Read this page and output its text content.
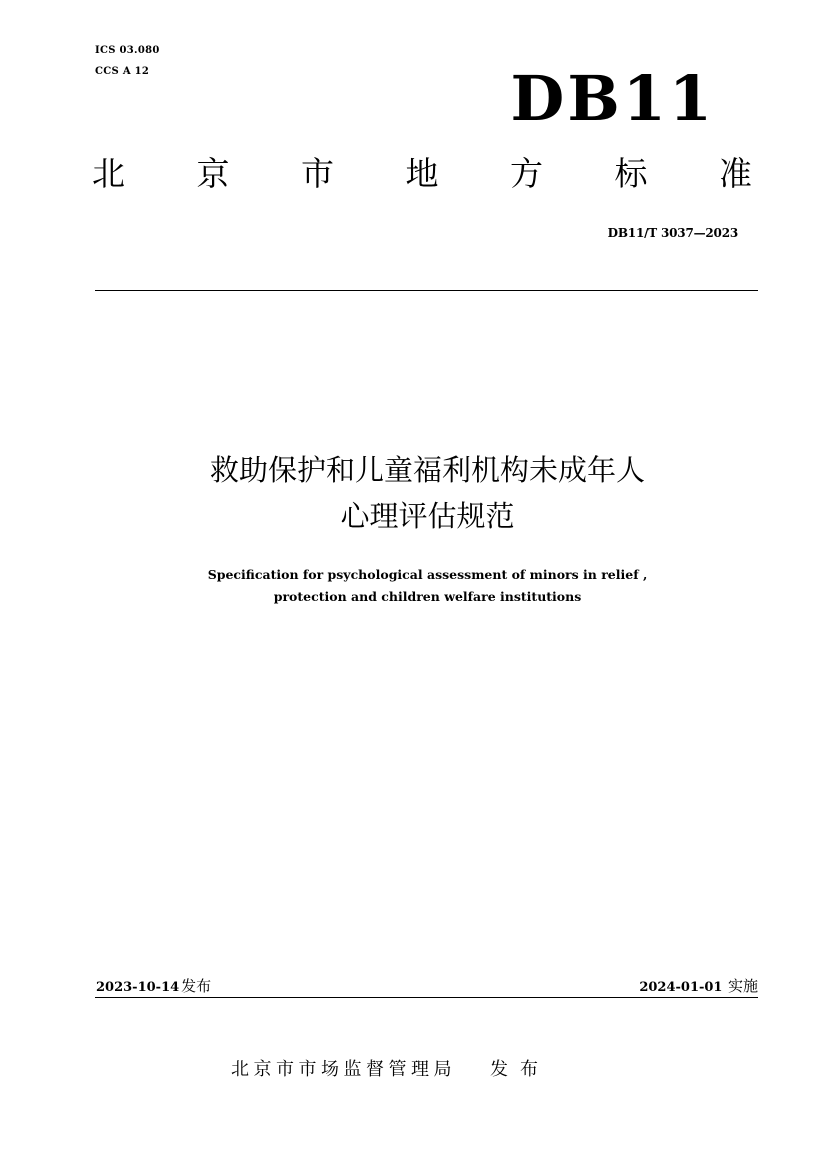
ICS 03.080
CCS A 12	DB11
北 京 市 地 方 标 准
DB11/T 3037—2023
救助保护和儿童福利机构未成年人
心理评估规范
Specification for psychological assessment of minors in relief ,
protection and children welfare institutions
2023-10-14 发布	2024-01-01 实施
北京市市场监督管理局 发布
